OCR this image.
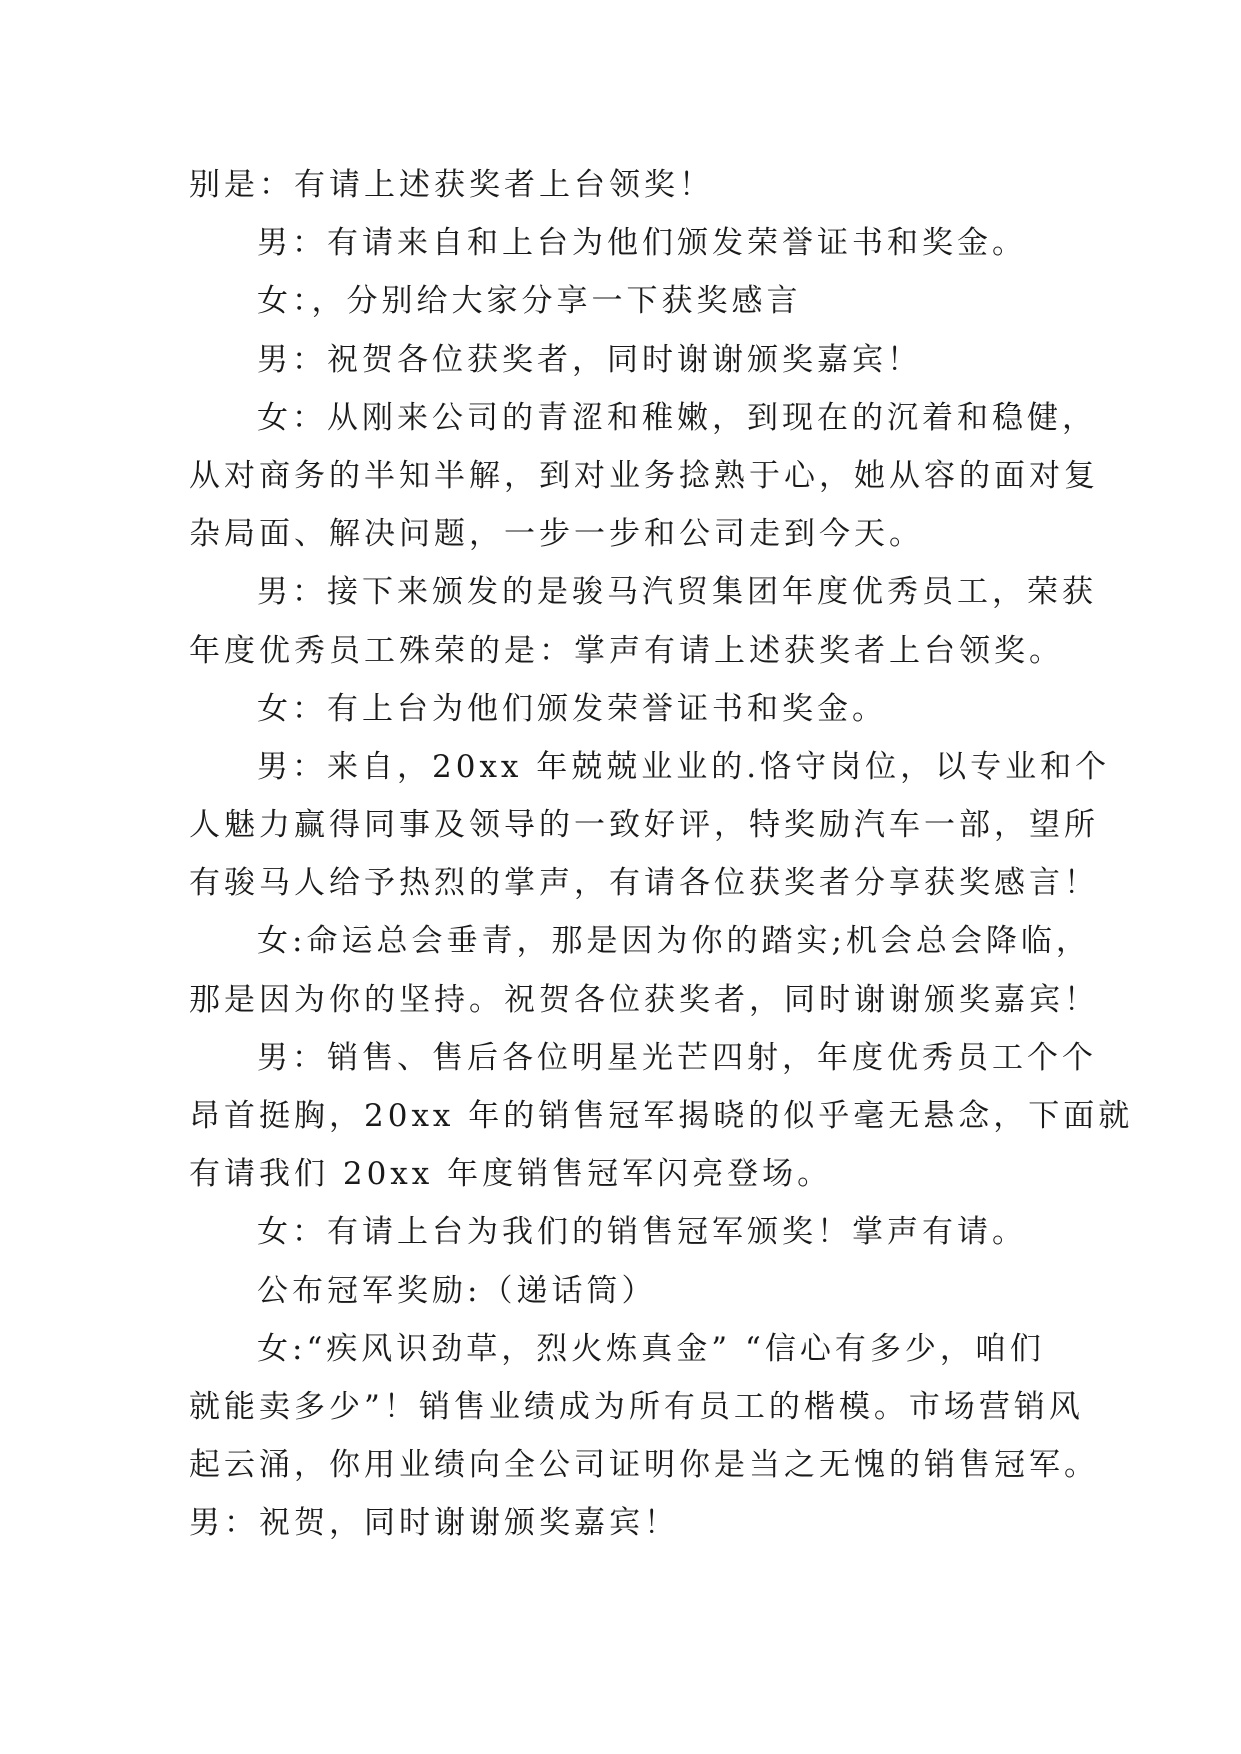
别是：有请上述获奖者上台领奖！
男：有请来自和上台为他们颁发荣誉证书和奖金。
女：，分别给大家分享一下获奖感言
男：祝贺各位获奖者，同时谢谢颁奖嘉宾！
女：从刚来公司的青涩和稚嫩，到现在的沉着和稳健，
从对商务的半知半解，到对业务捻熟于心，她从容的面对复
杂局面、解决问题，一步一步和公司走到今天。
男：接下来颁发的是骏马汽贸集团年度优秀员工，荣获
年度优秀员工殊荣的是：掌声有请上述获奖者上台领奖。
女：有上台为他们颁发荣誉证书和奖金。
男：来自，20xx 年兢兢业业的.恪守岗位，以专业和个
人魅力赢得同事及领导的一致好评，特奖励汽车一部，望所
有骏马人给予热烈的掌声，有请各位获奖者分享获奖感言！
女:命运总会垂青，那是因为你的踏实;机会总会降临，
那是因为你的坚持。祝贺各位获奖者，同时谢谢颁奖嘉宾！
男：销售、售后各位明星光芒四射，年度优秀员工个个
昂首挺胸，20xx 年的销售冠军揭晓的似乎毫无悬念，下面就
有请我们 20xx 年度销售冠军闪亮登场。
女：有请上台为我们的销售冠军颁奖！掌声有请。
公布冠军奖励:（递话筒）
女:“疾风识劲草，烈火炼真金” “信心有多少，咱们
就能卖多少”！销售业绩成为所有员工的楷模。市场营销风
起云涌，你用业绩向全公司证明你是当之无愧的销售冠军。
男：祝贺，同时谢谢颁奖嘉宾！
